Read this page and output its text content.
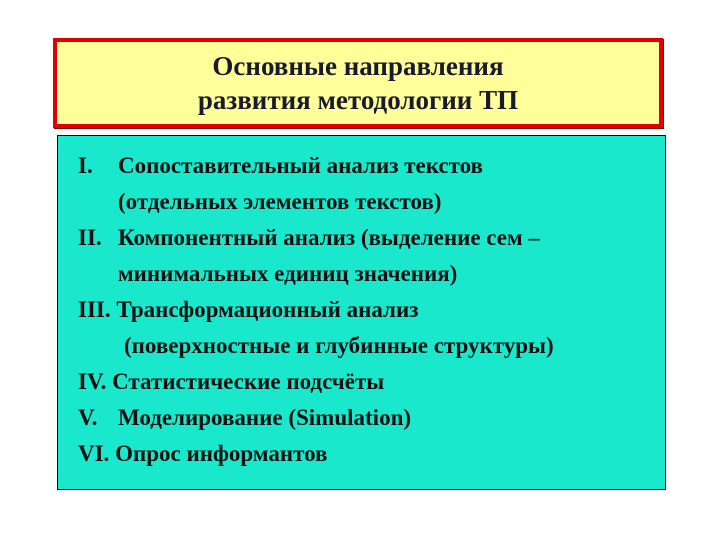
Основные направления
развития методологии ТП
I. Сопоставительный анализ текстов
(отдельных элементов текстов)
II. Компонентный анализ (выделение сем –
минимальных единиц значения)
III. Трансформационный анализ
(поверхностные и глубинные структуры)
IV. Статистические подсчёты
V. Моделирование (Simulation)
VI. Опрос информантов
